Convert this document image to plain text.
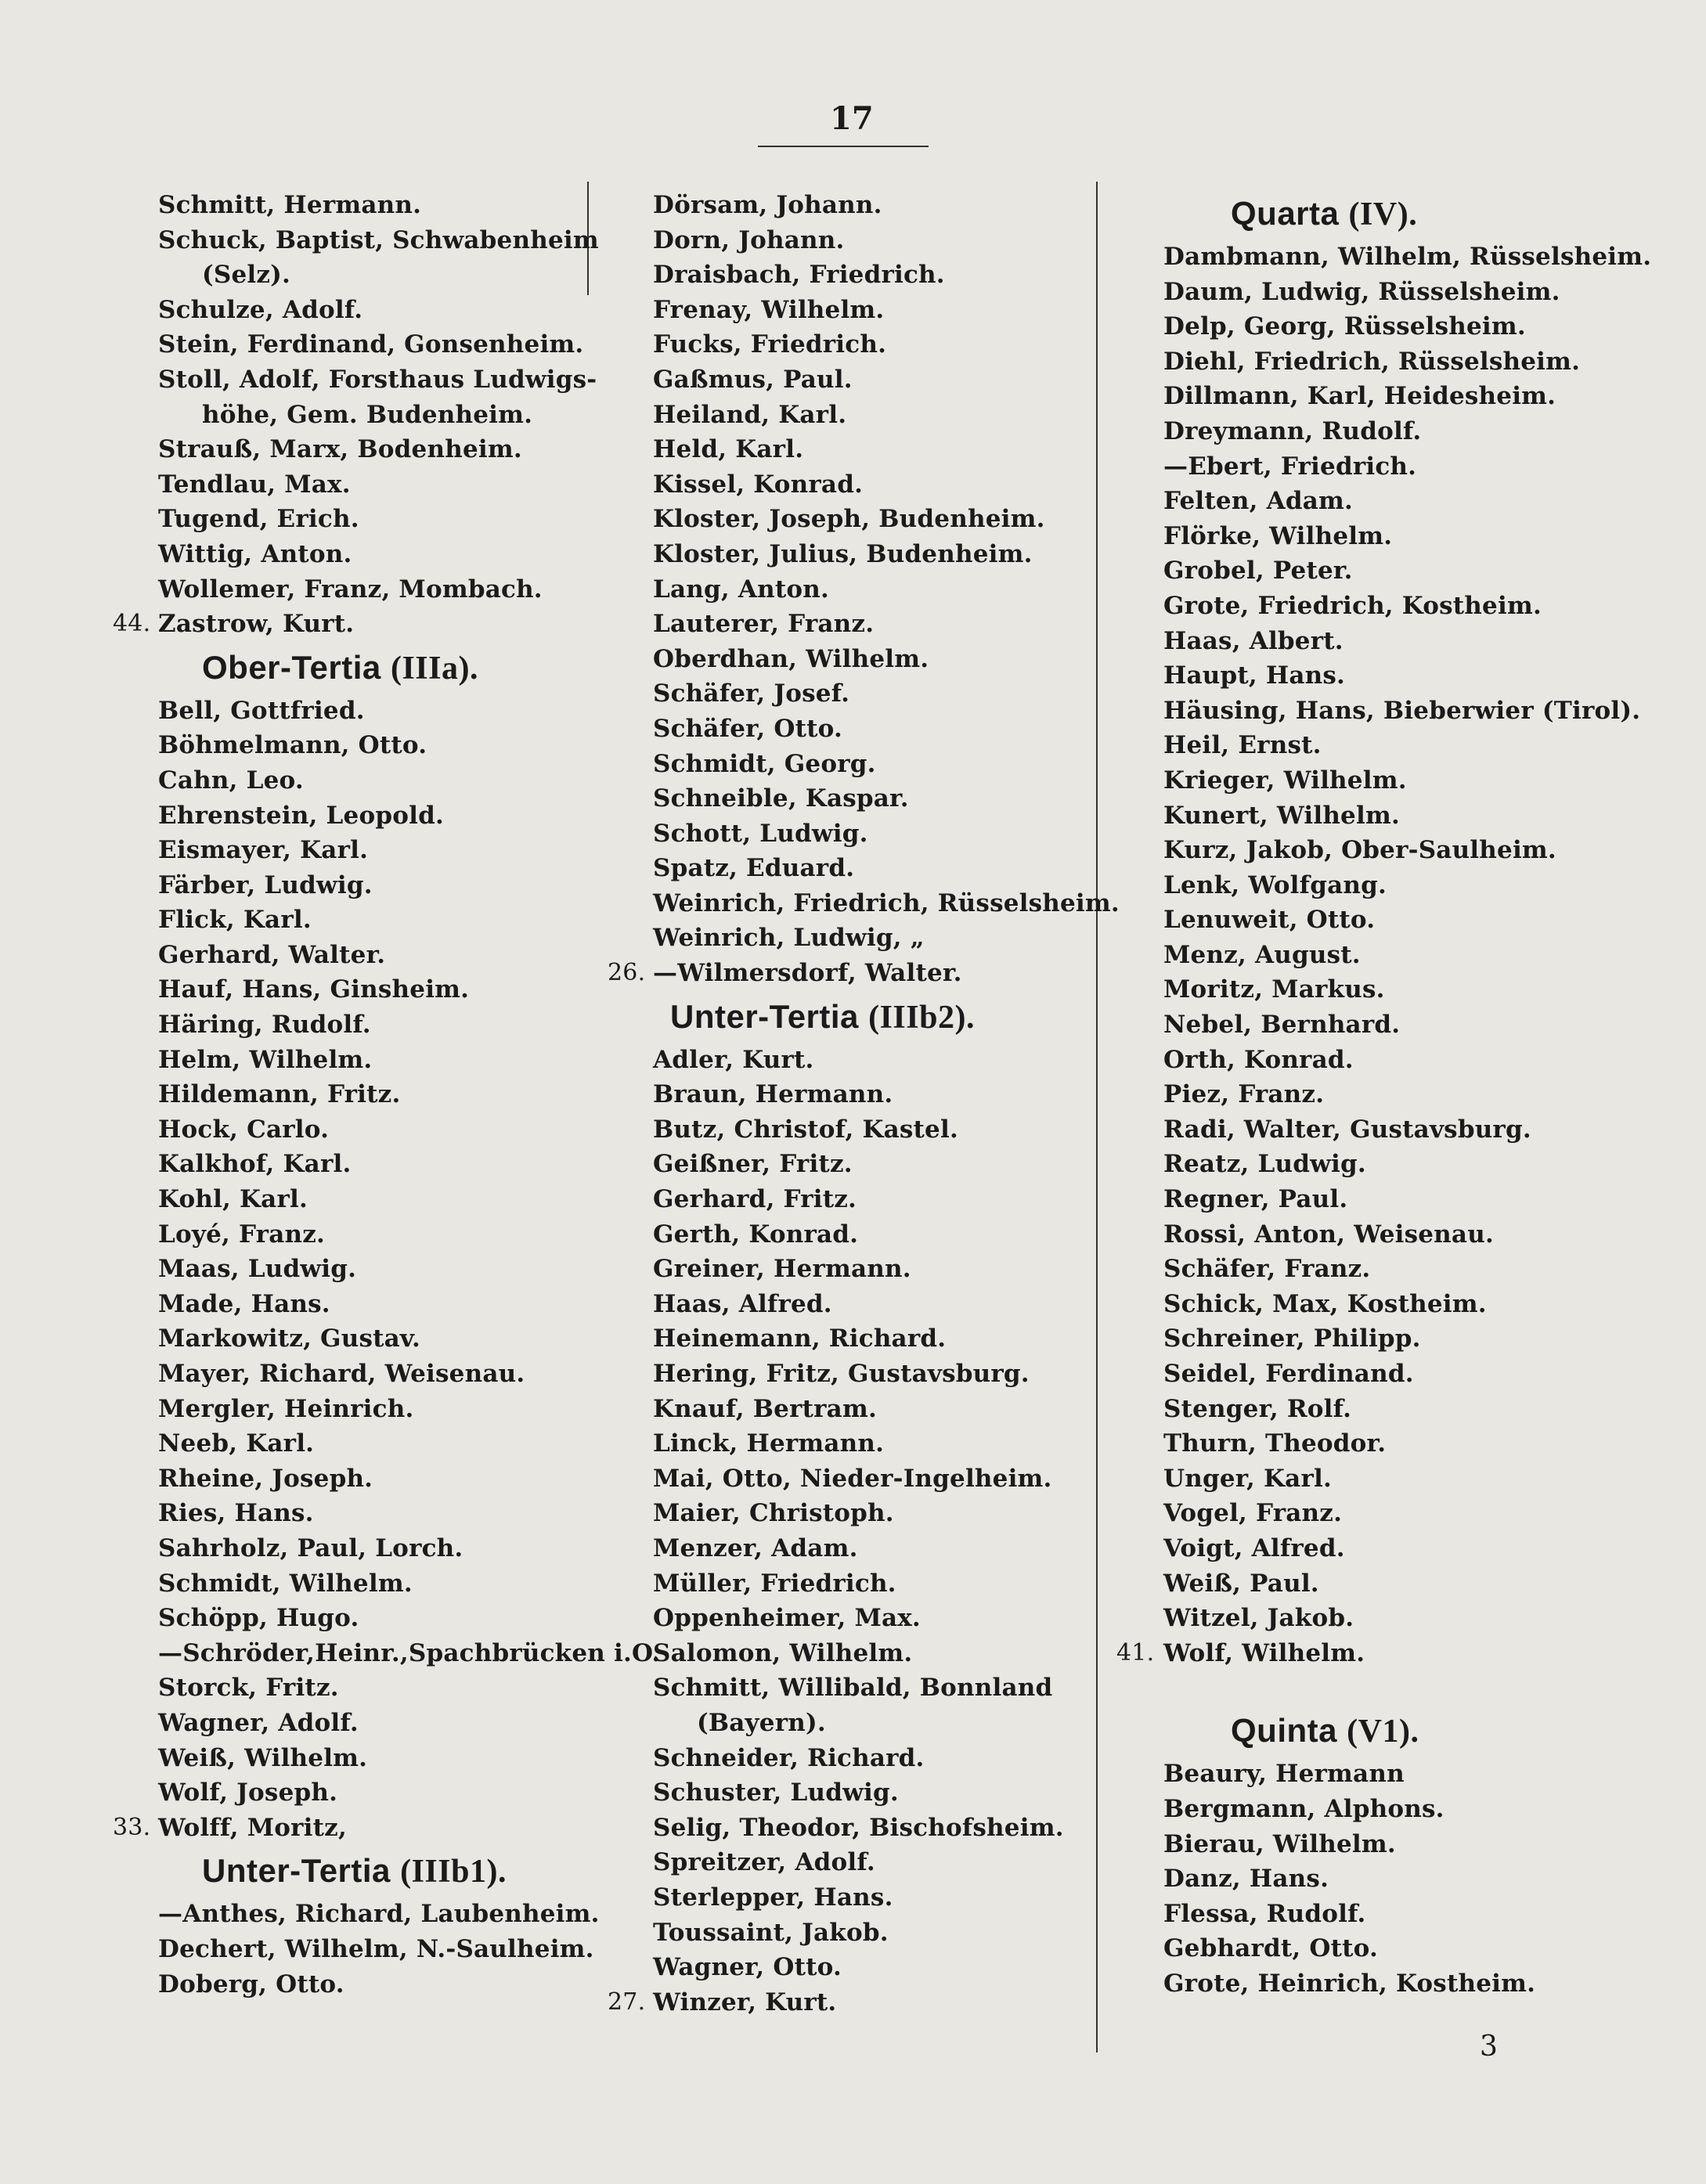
17
Schmitt, Hermann.
Schuck, Baptist, Schwabenheim
(Selz).
Schulze, Adolf.
Stein, Ferdinand, Gonsenheim.
Stoll, Adolf, Forsthaus Ludwigs-
höhe, Gem. Budenheim.
Strauß, Marx, Bodenheim.
Tendlau, Max.
Tugend, Erich.
Wittig, Anton.
Wollemer, Franz, Mombach.
44. Zastrow, Kurt.
Ober-Tertia (IIIa).
Bell, Gottfried.
Böhmelmann, Otto.
Cahn, Leo.
Ehrenstein, Leopold.
Eismayer, Karl.
Färber, Ludwig.
Flick, Karl.
Gerhard, Walter.
Hauf, Hans, Ginsheim.
Häring, Rudolf.
Helm, Wilhelm.
Hildemann, Fritz.
Hock, Carlo.
Kalkhof, Karl.
Kohl, Karl.
Loyé, Franz.
Maas, Ludwig.
Made, Hans.
Markowitz, Gustav.
Mayer, Richard, Weisenau.
Mergler, Heinrich.
Neeb, Karl.
Rheine, Joseph.
Ries, Hans.
Sahrholz, Paul, Lorch.
Schmidt, Wilhelm.
Schöpp, Hugo.
—Schröder,Heinr.,Spachbrücken i.O.
Storck, Fritz.
Wagner, Adolf.
Weiß, Wilhelm.
Wolf, Joseph.
33. Wolff, Moritz,
Unter-Tertia (IIIb1).
—Anthes, Richard, Laubenheim.
Dechert, Wilhelm, N.-Saulheim.
Doberg, Otto.
Dörsam, Johann.
Dorn, Johann.
Draisbach, Friedrich.
Frenay, Wilhelm.
Fucks, Friedrich.
Gaßmus, Paul.
Heiland, Karl.
Held, Karl.
Kissel, Konrad.
Kloster, Joseph, Budenheim.
Kloster, Julius, Budenheim.
Lang, Anton.
Lauterer, Franz.
Oberdhan, Wilhelm.
Schäfer, Josef.
Schäfer, Otto.
Schmidt, Georg.
Schneible, Kaspar.
Schott, Ludwig.
Spatz, Eduard.
Weinrich, Friedrich, Rüsselsheim.
Weinrich, Ludwig, „
26. —Wilmersdorf, Walter.
Unter-Tertia (IIIb2).
Adler, Kurt.
Braun, Hermann.
Butz, Christof, Kastel.
Geißner, Fritz.
Gerhard, Fritz.
Gerth, Konrad.
Greiner, Hermann.
Haas, Alfred.
Heinemann, Richard.
Hering, Fritz, Gustavsburg.
Knauf, Bertram.
Linck, Hermann.
Mai, Otto, Nieder-Ingelheim.
Maier, Christoph.
Menzer, Adam.
Müller, Friedrich.
Oppenheimer, Max.
Salomon, Wilhelm.
Schmitt, Willibald, Bonnland
(Bayern).
Schneider, Richard.
Schuster, Ludwig.
Selig, Theodor, Bischofsheim.
Spreitzer, Adolf.
Sterlepper, Hans.
Toussaint, Jakob.
Wagner, Otto.
27. Winzer, Kurt.
Quarta (IV).
Dambmann, Wilhelm, Rüsselsheim.
Daum, Ludwig, Rüsselsheim.
Delp, Georg, Rüsselsheim.
Diehl, Friedrich, Rüsselsheim.
Dillmann, Karl, Heidesheim.
Dreymann, Rudolf.
—Ebert, Friedrich.
Felten, Adam.
Flörke, Wilhelm.
Grobel, Peter.
Grote, Friedrich, Kostheim.
Haas, Albert.
Haupt, Hans.
Häusing, Hans, Bieberwier (Tirol).
Heil, Ernst.
Krieger, Wilhelm.
Kunert, Wilhelm.
Kurz, Jakob, Ober-Saulheim.
Lenk, Wolfgang.
Lenuweit, Otto.
Menz, August.
Moritz, Markus.
Nebel, Bernhard.
Orth, Konrad.
Piez, Franz.
Radi, Walter, Gustavsburg.
Reatz, Ludwig.
Regner, Paul.
Rossi, Anton, Weisenau.
Schäfer, Franz.
Schick, Max, Kostheim.
Schreiner, Philipp.
Seidel, Ferdinand.
Stenger, Rolf.
Thurn, Theodor.
Unger, Karl.
Vogel, Franz.
Voigt, Alfred.
Weiß, Paul.
Witzel, Jakob.
41. Wolf, Wilhelm.
Quinta (V1).
Beaury, Hermann
Bergmann, Alphons.
Bierau, Wilhelm.
Danz, Hans.
Flessa, Rudolf.
Gebhardt, Otto.
Grote, Heinrich, Kostheim.
3
